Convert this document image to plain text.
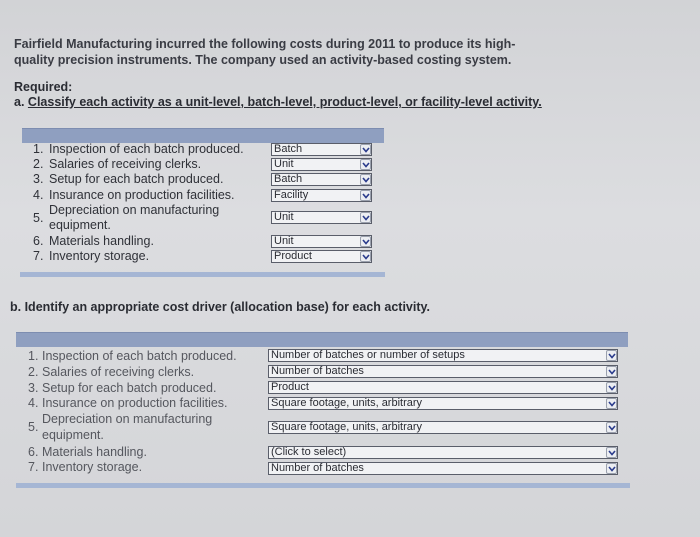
Fairfield Manufacturing incurred the following costs during 2011 to produce its high-
quality precision instruments. The company used an activity-based costing system.
Required:
a. Classify each activity as a unit-level, batch-level, product-level, or facility-level activity.
1. Inspection of each batch produced.
2. Salaries of receiving clerks.
3. Setup for each batch produced.
4. Insurance on production facilities.
5.
Depreciation on manufacturing
equipment.
6. Materials handling.
7. Inventory storage.
Batch
Unit
Batch
Facility
Unit
Unit
Product
b. Identify an appropriate cost driver (allocation base) for each activity.
1. Inspection of each batch produced.
2. Salaries of receiving clerks.
3. Setup for each batch produced.
4. Insurance on production facilities.
5.
Depreciation on manufacturing
equipment.
6. Materials handling.
7. Inventory storage.
Number of batches or number of setups
Number of batches
Product
Square footage, units, arbitrary
Square footage, units, arbitrary
(Click to select)
Number of batches
